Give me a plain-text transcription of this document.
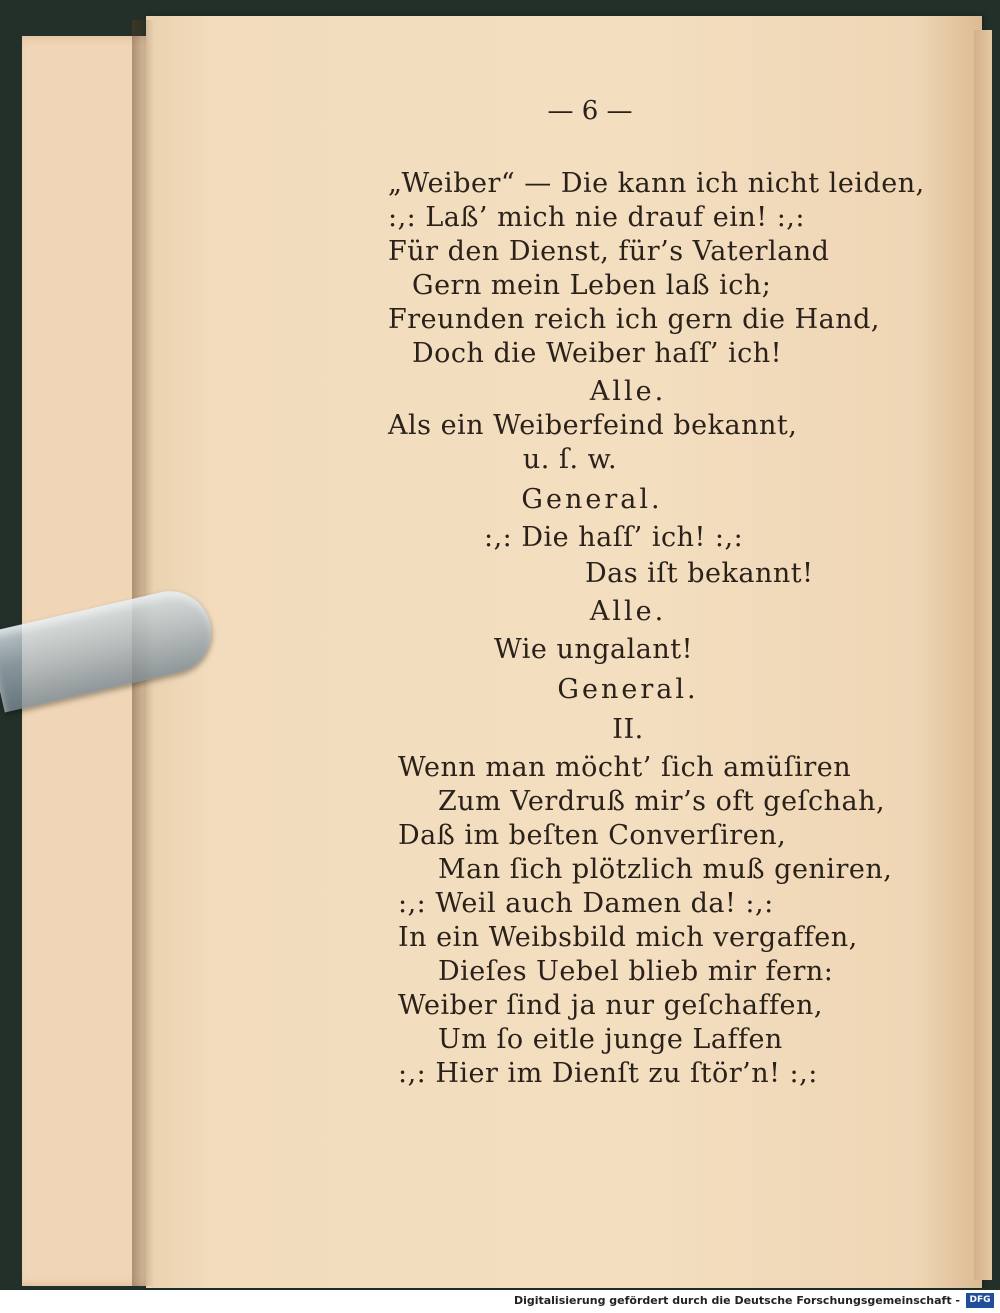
— 6 —
„Weiber“ — Die kann ich nicht leiden,
:,: Laß’ mich nie drauf ein! :,:
Für den Dienst, für’s Vaterland
Gern mein Leben laß ich;
Freunden reich ich gern die Hand,
Doch die Weiber haſſ’ ich!
Alle.
Als ein Weiberfeind bekannt,
u. ſ. w.
General.
:,: Die haſſ’ ich! :,:
Das iſt bekannt!
Alle.
Wie ungalant!
General.
II.
Wenn man möcht’ ſich amüſiren
Zum Verdruß mir’s oft geſchah,
Daß im beſten Converſiren,
Man ſich plötzlich muß geniren,
:,: Weil auch Damen da! :,:
In ein Weibsbild mich vergaffen,
Dieſes Uebel blieb mir fern:
Weiber ſind ja nur geſchaffen,
Um ſo eitle junge Laffen
:,: Hier im Dienſt zu ſtör’n! :,:
Digitalisierung gefördert durch die Deutsche Forschungsgemeinschaft -	DFG
